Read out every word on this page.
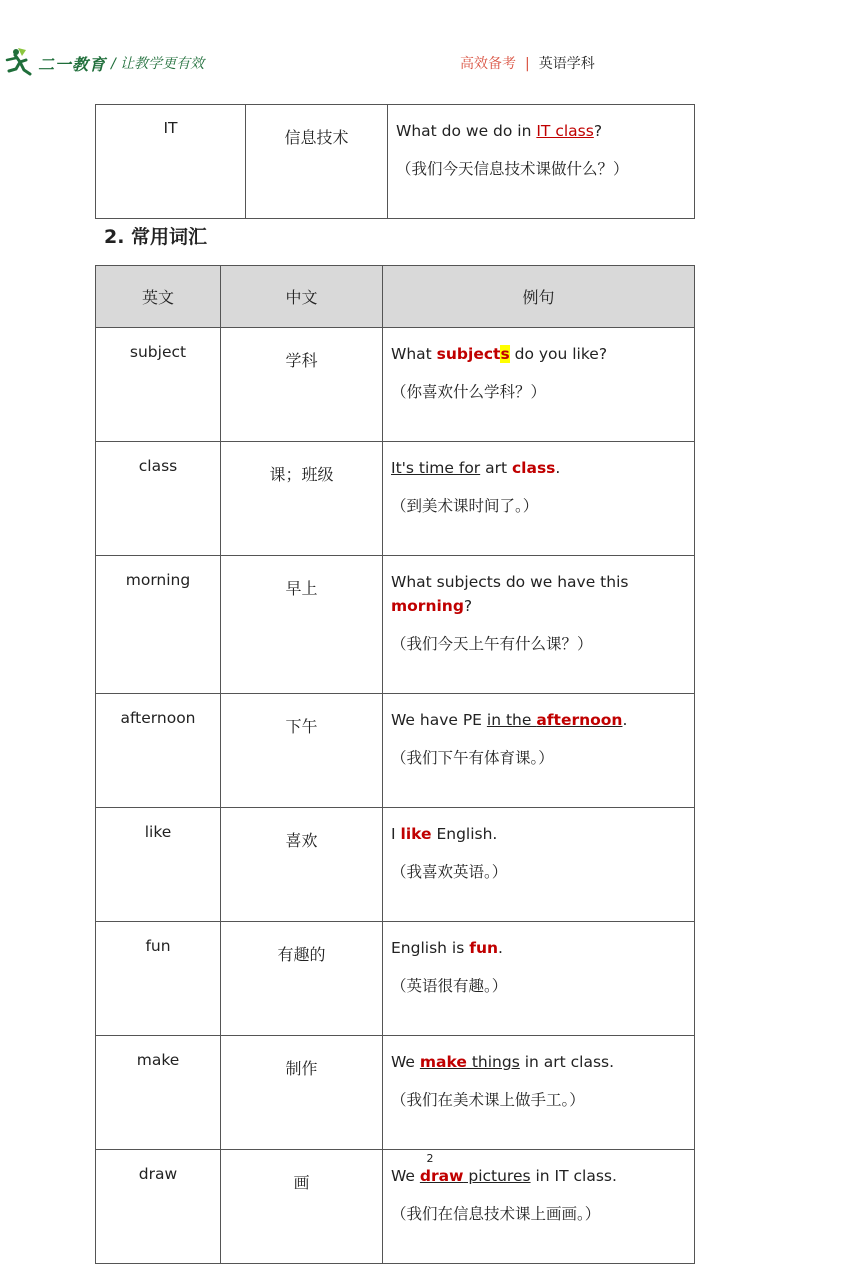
二一教育 / 让教学更有效	高效备考 | 英语学科
IT	信息技术	What do we do in IT class?
（我们今天信息技术课做什么？）
2. 常用词汇
英文	中文	例句
subject	学科	What subjects do you like?
（你喜欢什么学科？）

class	课；班级	It's time for art class.
（到美术课时间了。）

morning	早上	What subjects do we have this morning?
（我们今天上午有什么课？）

afternoon	下午	We have PE in the afternoon.
（我们下午有体育课。）

like	喜欢	I like English.
（我喜欢英语。）

fun	有趣的	English is fun.
（英语很有趣。）

make	制作	We make things in art class.
（我们在美术课上做手工。）

draw	画	We draw pictures in IT class.
（我们在信息技术课上画画。）
2
